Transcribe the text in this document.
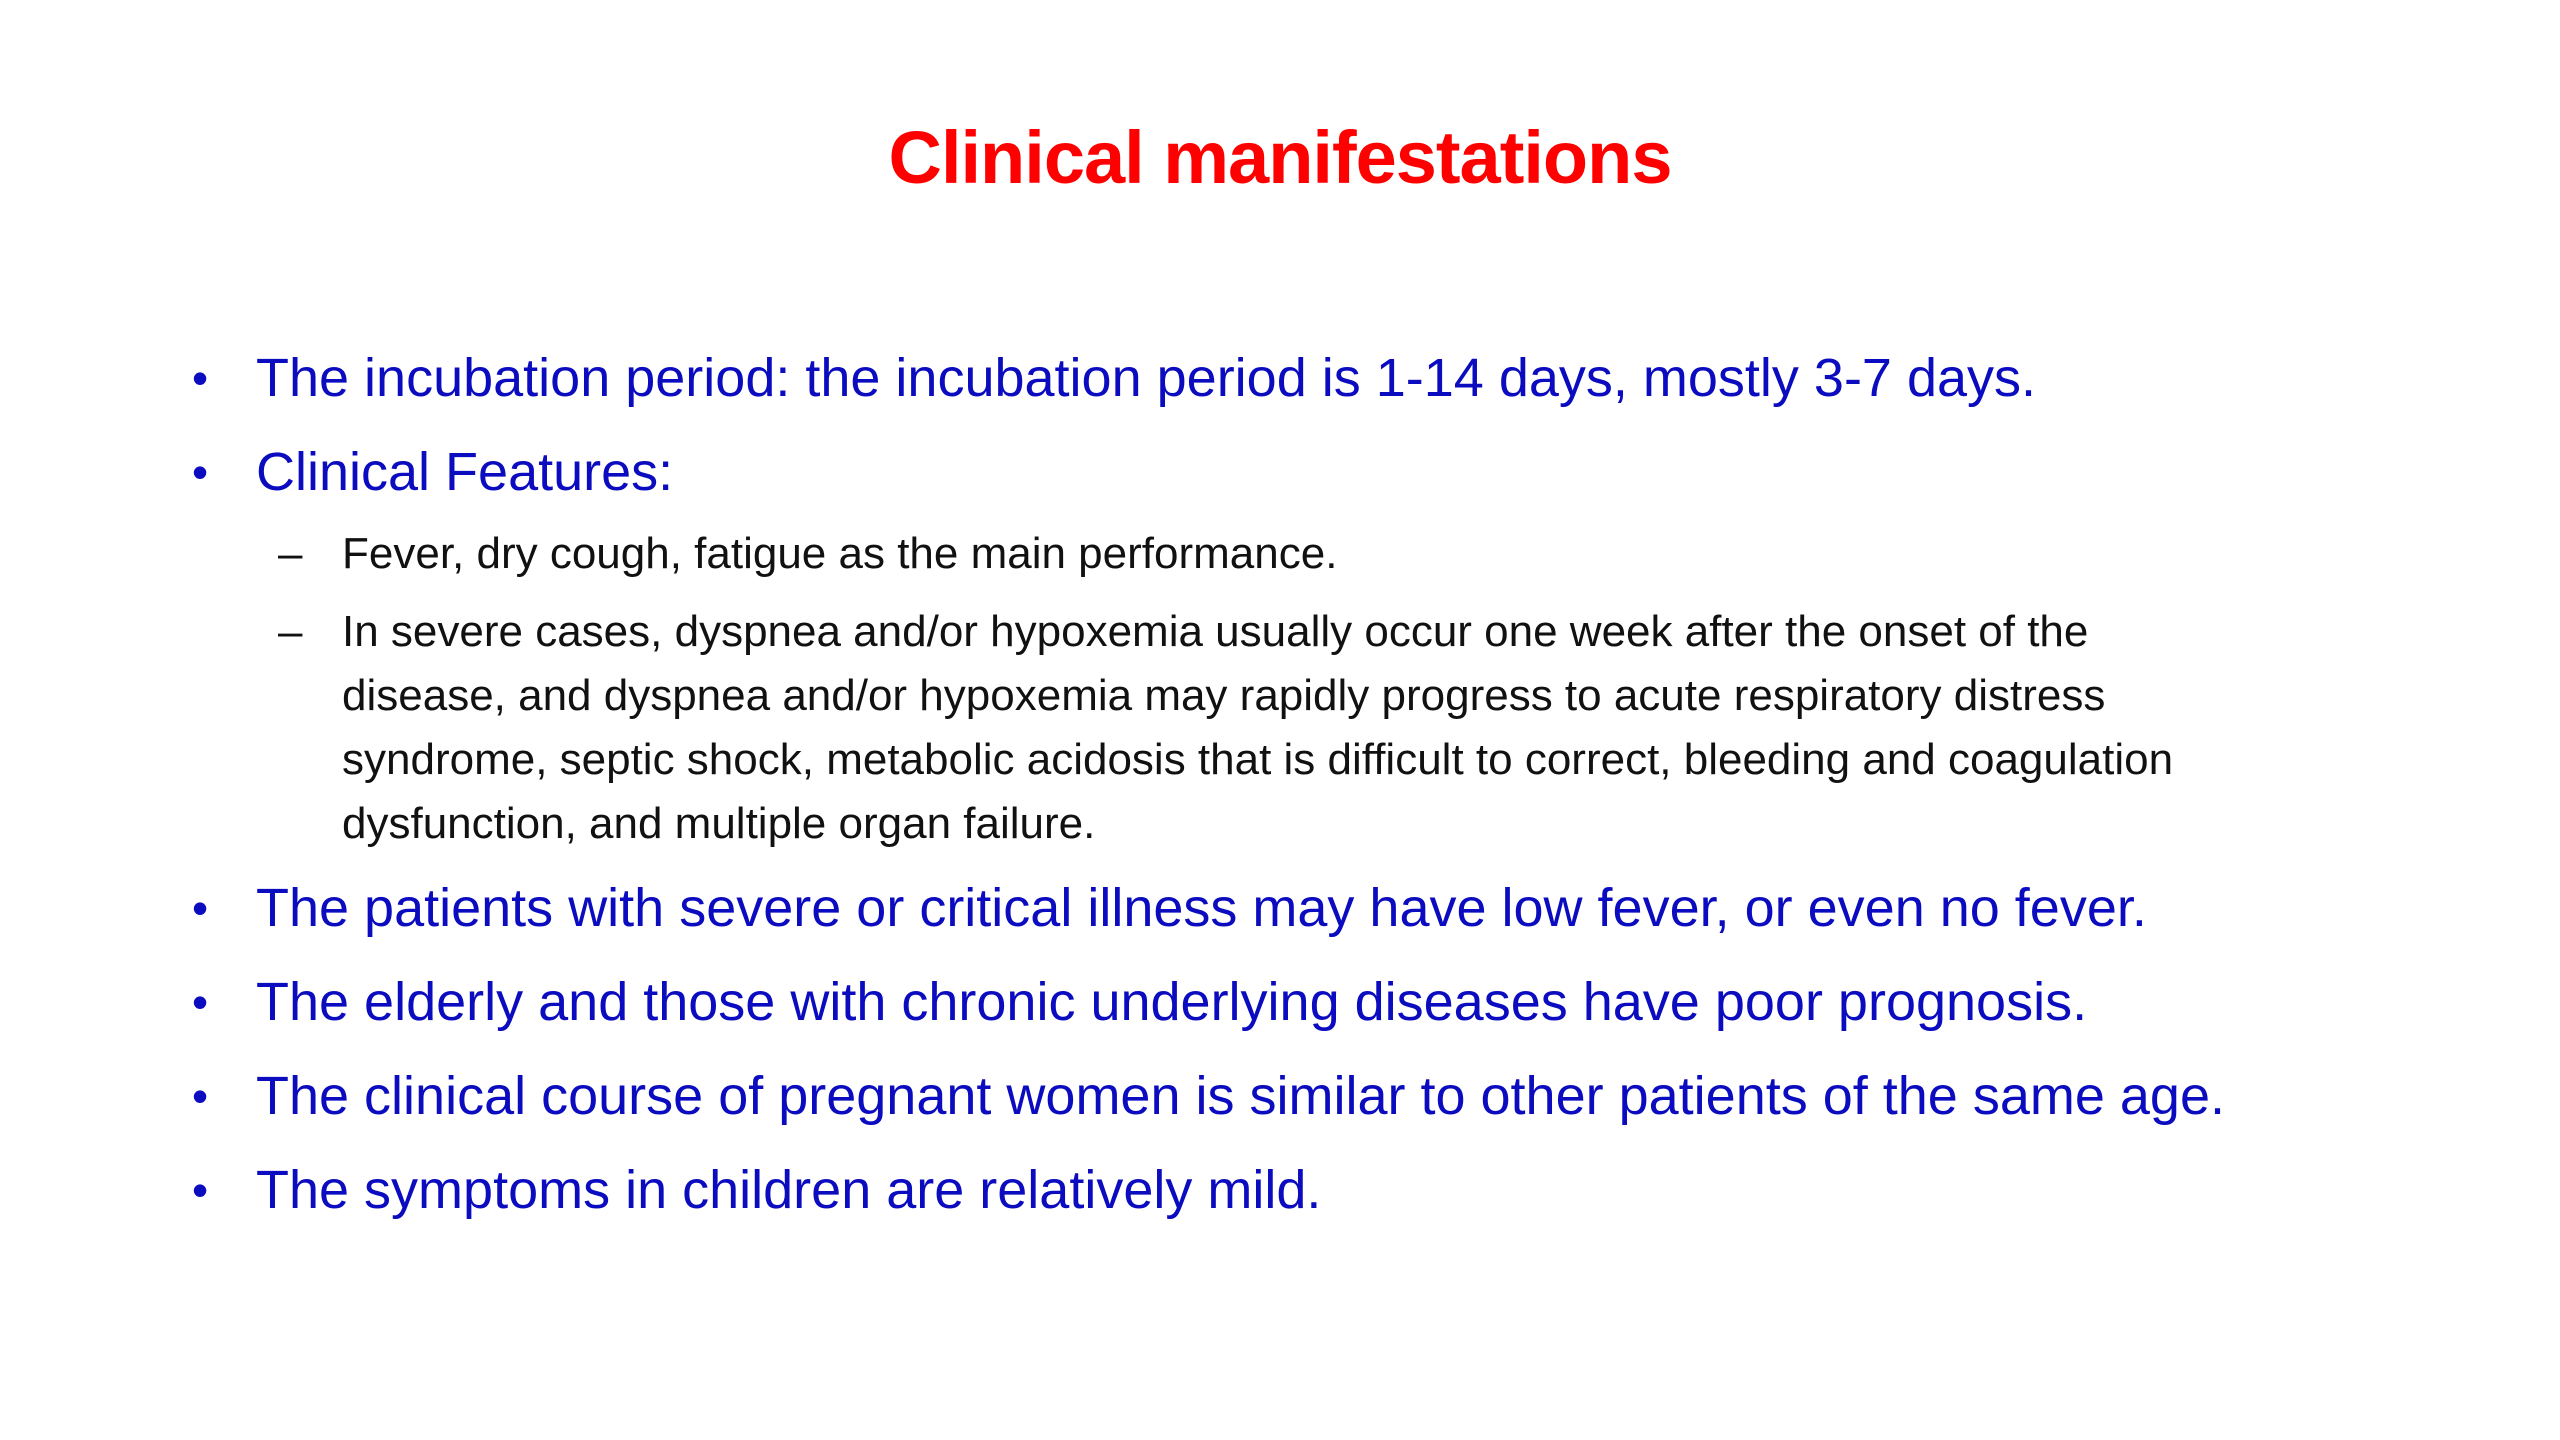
Clinical manifestations
• The incubation period: the incubation period is 1-14 days, mostly 3-7 days.
• Clinical Features:
– Fever, dry cough, fatigue as the main performance.
– In severe cases, dyspnea and/or hypoxemia usually occur one week after the onset of the
disease, and dyspnea and/or hypoxemia may rapidly progress to acute respiratory distress
syndrome, septic shock, metabolic acidosis that is difficult to correct, bleeding and coagulation
dysfunction, and multiple organ failure.
• The patients with severe or critical illness may have low fever, or even no fever.
• The elderly and those with chronic underlying diseases have poor prognosis.
• The clinical course of pregnant women is similar to other patients of the same age.
• The symptoms in children are relatively mild.
